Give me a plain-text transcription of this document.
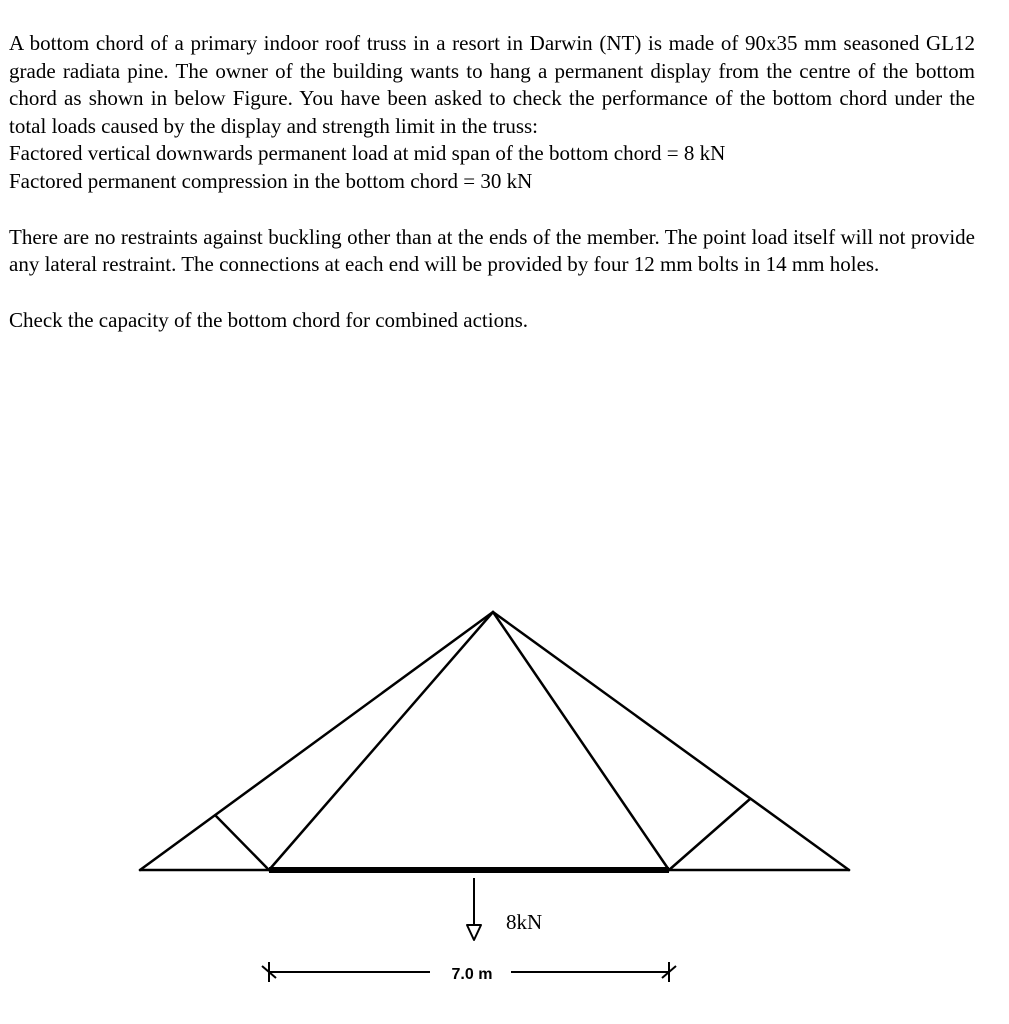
A bottom chord of a primary indoor roof truss in a resort in Darwin (NT) is made of 90x35 mm seasoned GL12 grade radiata pine. The owner of the building wants to hang a permanent display from the centre of the bottom chord as shown in below Figure. You have been asked to check the performance of the bottom chord under the total loads caused by the display and strength limit in the truss:

Factored vertical downwards permanent load at mid span of the bottom chord = 8 kN

Factored permanent compression in the bottom chord = 30 kN

There are no restraints against buckling other than at the ends of the member. The point load itself will not provide any lateral restraint. The connections at each end will be provided by four 12 mm bolts in 14 mm holes.

Check the capacity of the bottom chord for combined actions.

8kN
7.0 m
